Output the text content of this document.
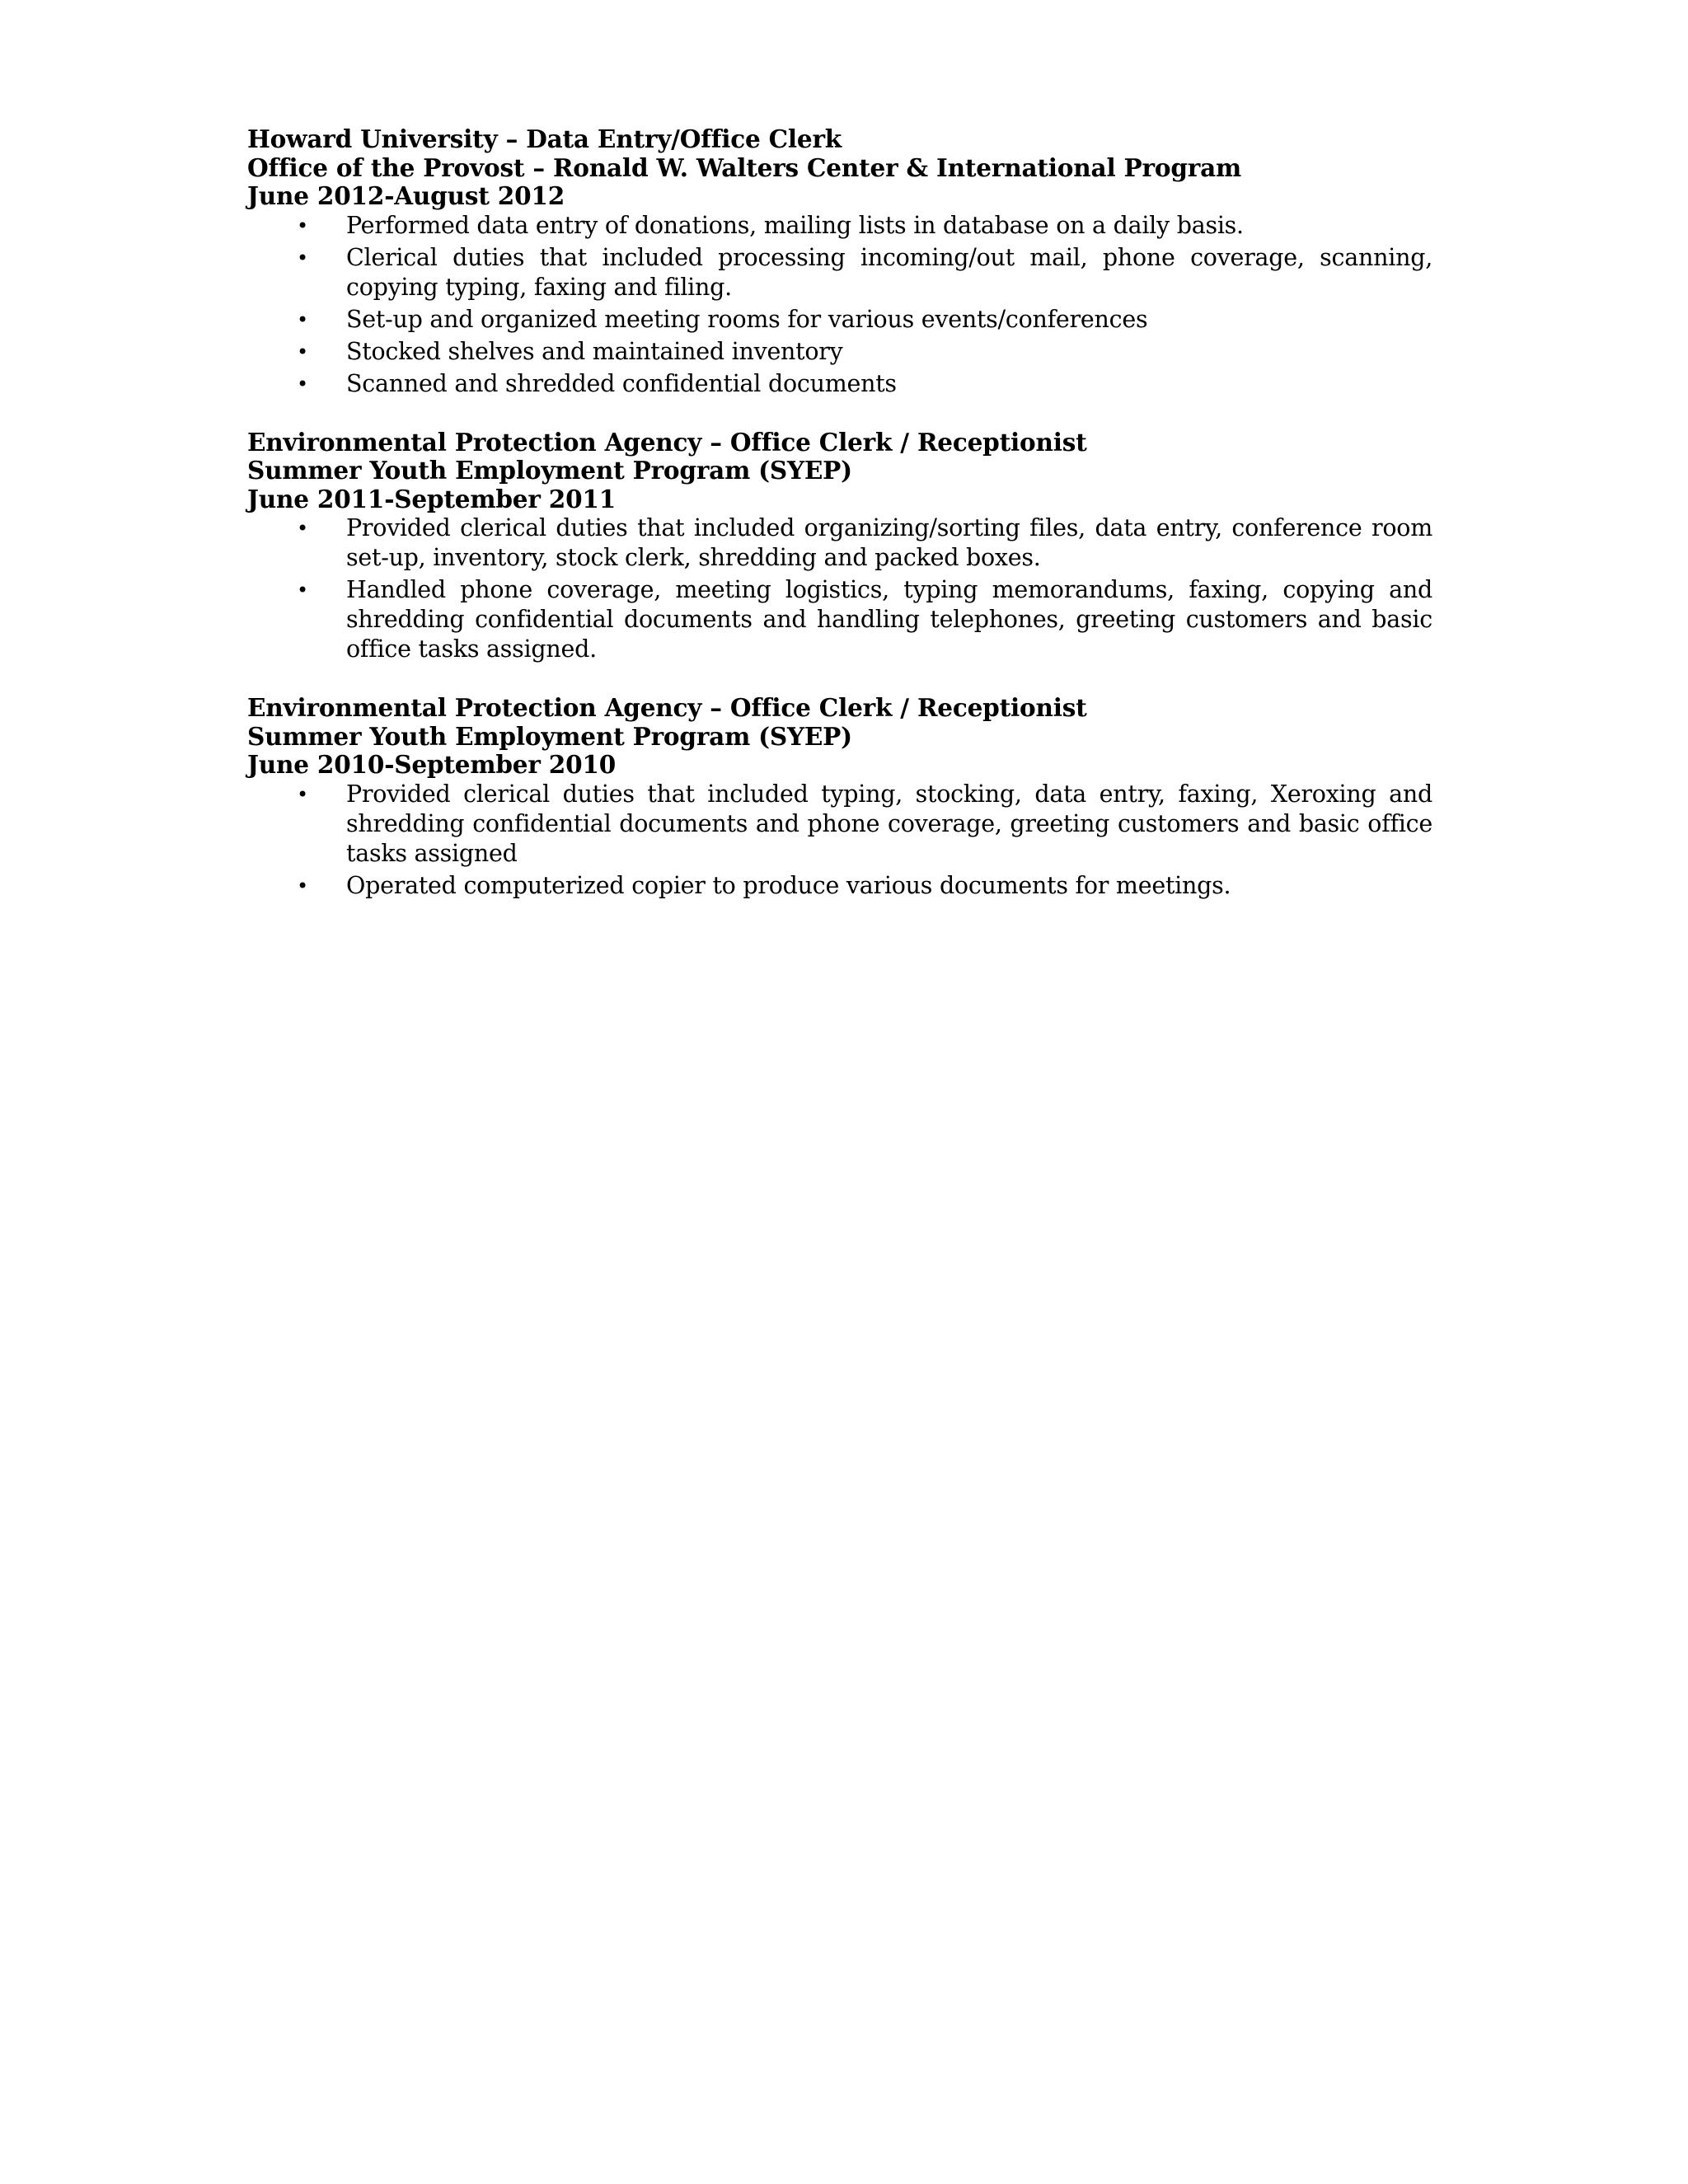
Howard University – Data Entry/Office Clerk
Office of the Provost – Ronald W. Walters Center & International Program
June 2012-August 2012
• Performed data entry of donations, mailing lists in database on a daily basis.
• Clerical duties that included processing incoming/out mail, phone coverage, scanning, copying typing, faxing and filing.
• Set-up and organized meeting rooms for various events/conferences
• Stocked shelves and maintained inventory
• Scanned and shredded confidential documents
Environmental Protection Agency – Office Clerk / Receptionist
Summer Youth Employment Program (SYEP)
June 2011-September 2011
• Provided clerical duties that included organizing/sorting files, data entry, conference room set-up, inventory, stock clerk, shredding and packed boxes.
• Handled phone coverage, meeting logistics, typing memorandums, faxing, copying and shredding confidential documents and handling telephones, greeting customers and basic office tasks assigned.
Environmental Protection Agency – Office Clerk / Receptionist
Summer Youth Employment Program (SYEP)
June 2010-September 2010
• Provided clerical duties that included typing, stocking, data entry, faxing, Xeroxing and shredding confidential documents and phone coverage, greeting customers and basic office tasks assigned
• Operated computerized copier to produce various documents for meetings.
